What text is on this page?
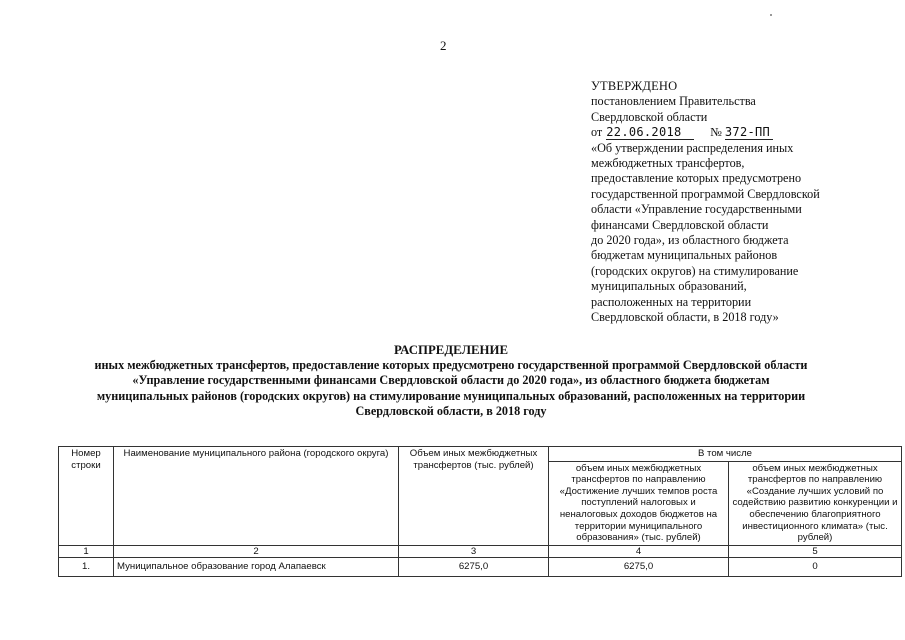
2
УТВЕРЖДЕНО
постановлением Правительства
Свердловской области
от 22.06.2018 № 372-ПП
«Об утверждении распределения иных
межбюджетных трансфертов,
предоставление которых предусмотрено
государственной программой Свердловской
области «Управление государственными
финансами Свердловской области
до 2020 года», из областного бюджета
бюджетам муниципальных районов
(городских округов) на стимулирование
муниципальных образований,
расположенных на территории
Свердловской области, в 2018 году»
РАСПРЕДЕЛЕНИЕ
иных межбюджетных трансфертов, предоставление которых предусмотрено государственной программой Свердловской области
«Управление государственными финансами Свердловской области до 2020 года», из областного бюджета бюджетам
муниципальных районов (городских округов) на стимулирование муниципальных образований, расположенных на территории
Свердловской области, в 2018 году
Номер строки	Наименование муниципального района (городского округа)	Объем иных межбюджетных трансфертов (тыс. рублей)	В том числе	
			объем иных межбюджетных трансфертов по направлению «Достижение лучших темпов роста поступлений налоговых и неналоговых доходов бюджетов на территории муниципального образования» (тыс. рублей)	объем иных межбюджетных трансфертов по направлению «Создание лучших условий по содействию развитию конкуренции и обеспечению благоприятного инвестиционного климата» (тыс. рублей)
1	2	3	4	5
1.	Муниципальное образование город Алапаевск	6275,0	6275,0	0
